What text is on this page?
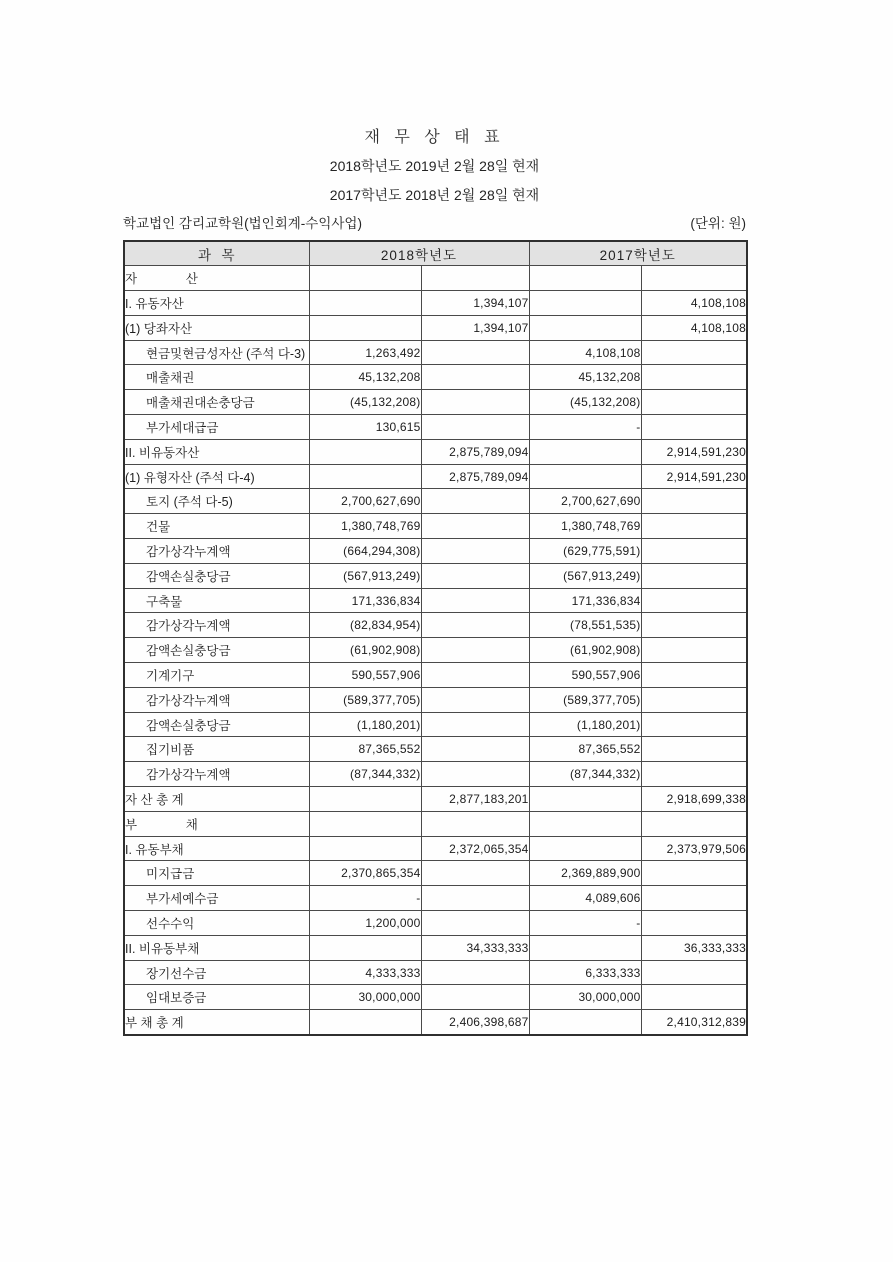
재 무 상 태 표
2018학년도 2019년 2월 28일 현재
2017학년도 2018년 2월 28일 현재
학교법인 감리교학원(법인회계-수익사업)	(단위: 원)
과  목	2018학년도		2017학년도	
자              산				
I. 유동자산		1,394,107		4,108,108
(1) 당좌자산		1,394,107		4,108,108
현금및현금성자산 (주석 다-3)	1,263,492		4,108,108	
매출채권	45,132,208		45,132,208	
매출채권대손충당금	(45,132,208)		(45,132,208)	
부가세대급금	130,615		-	
II. 비유동자산		2,875,789,094		2,914,591,230
(1) 유형자산 (주석 다-4)		2,875,789,094		2,914,591,230
토지 (주석 다-5)	2,700,627,690		2,700,627,690	
건물	1,380,748,769		1,380,748,769	
감가상각누계액	(664,294,308)		(629,775,591)	
감액손실충당금	(567,913,249)		(567,913,249)	
구축물	171,336,834		171,336,834	
감가상각누계액	(82,834,954)		(78,551,535)	
감액손실충당금	(61,902,908)		(61,902,908)	
기계기구	590,557,906		590,557,906	
감가상각누계액	(589,377,705)		(589,377,705)	
감액손실충당금	(1,180,201)		(1,180,201)	
집기비품	87,365,552		87,365,552	
감가상각누계액	(87,344,332)		(87,344,332)	
자 산 총 계		2,877,183,201		2,918,699,338
부              채				
I. 유동부채		2,372,065,354		2,373,979,506
미지급금	2,370,865,354		2,369,889,900	
부가세예수금	-		4,089,606	
선수수익	1,200,000		-	
II. 비유동부채		34,333,333		36,333,333
장기선수금	4,333,333		6,333,333	
임대보증금	30,000,000		30,000,000	
부 채 총 계		2,406,398,687		2,410,312,839
